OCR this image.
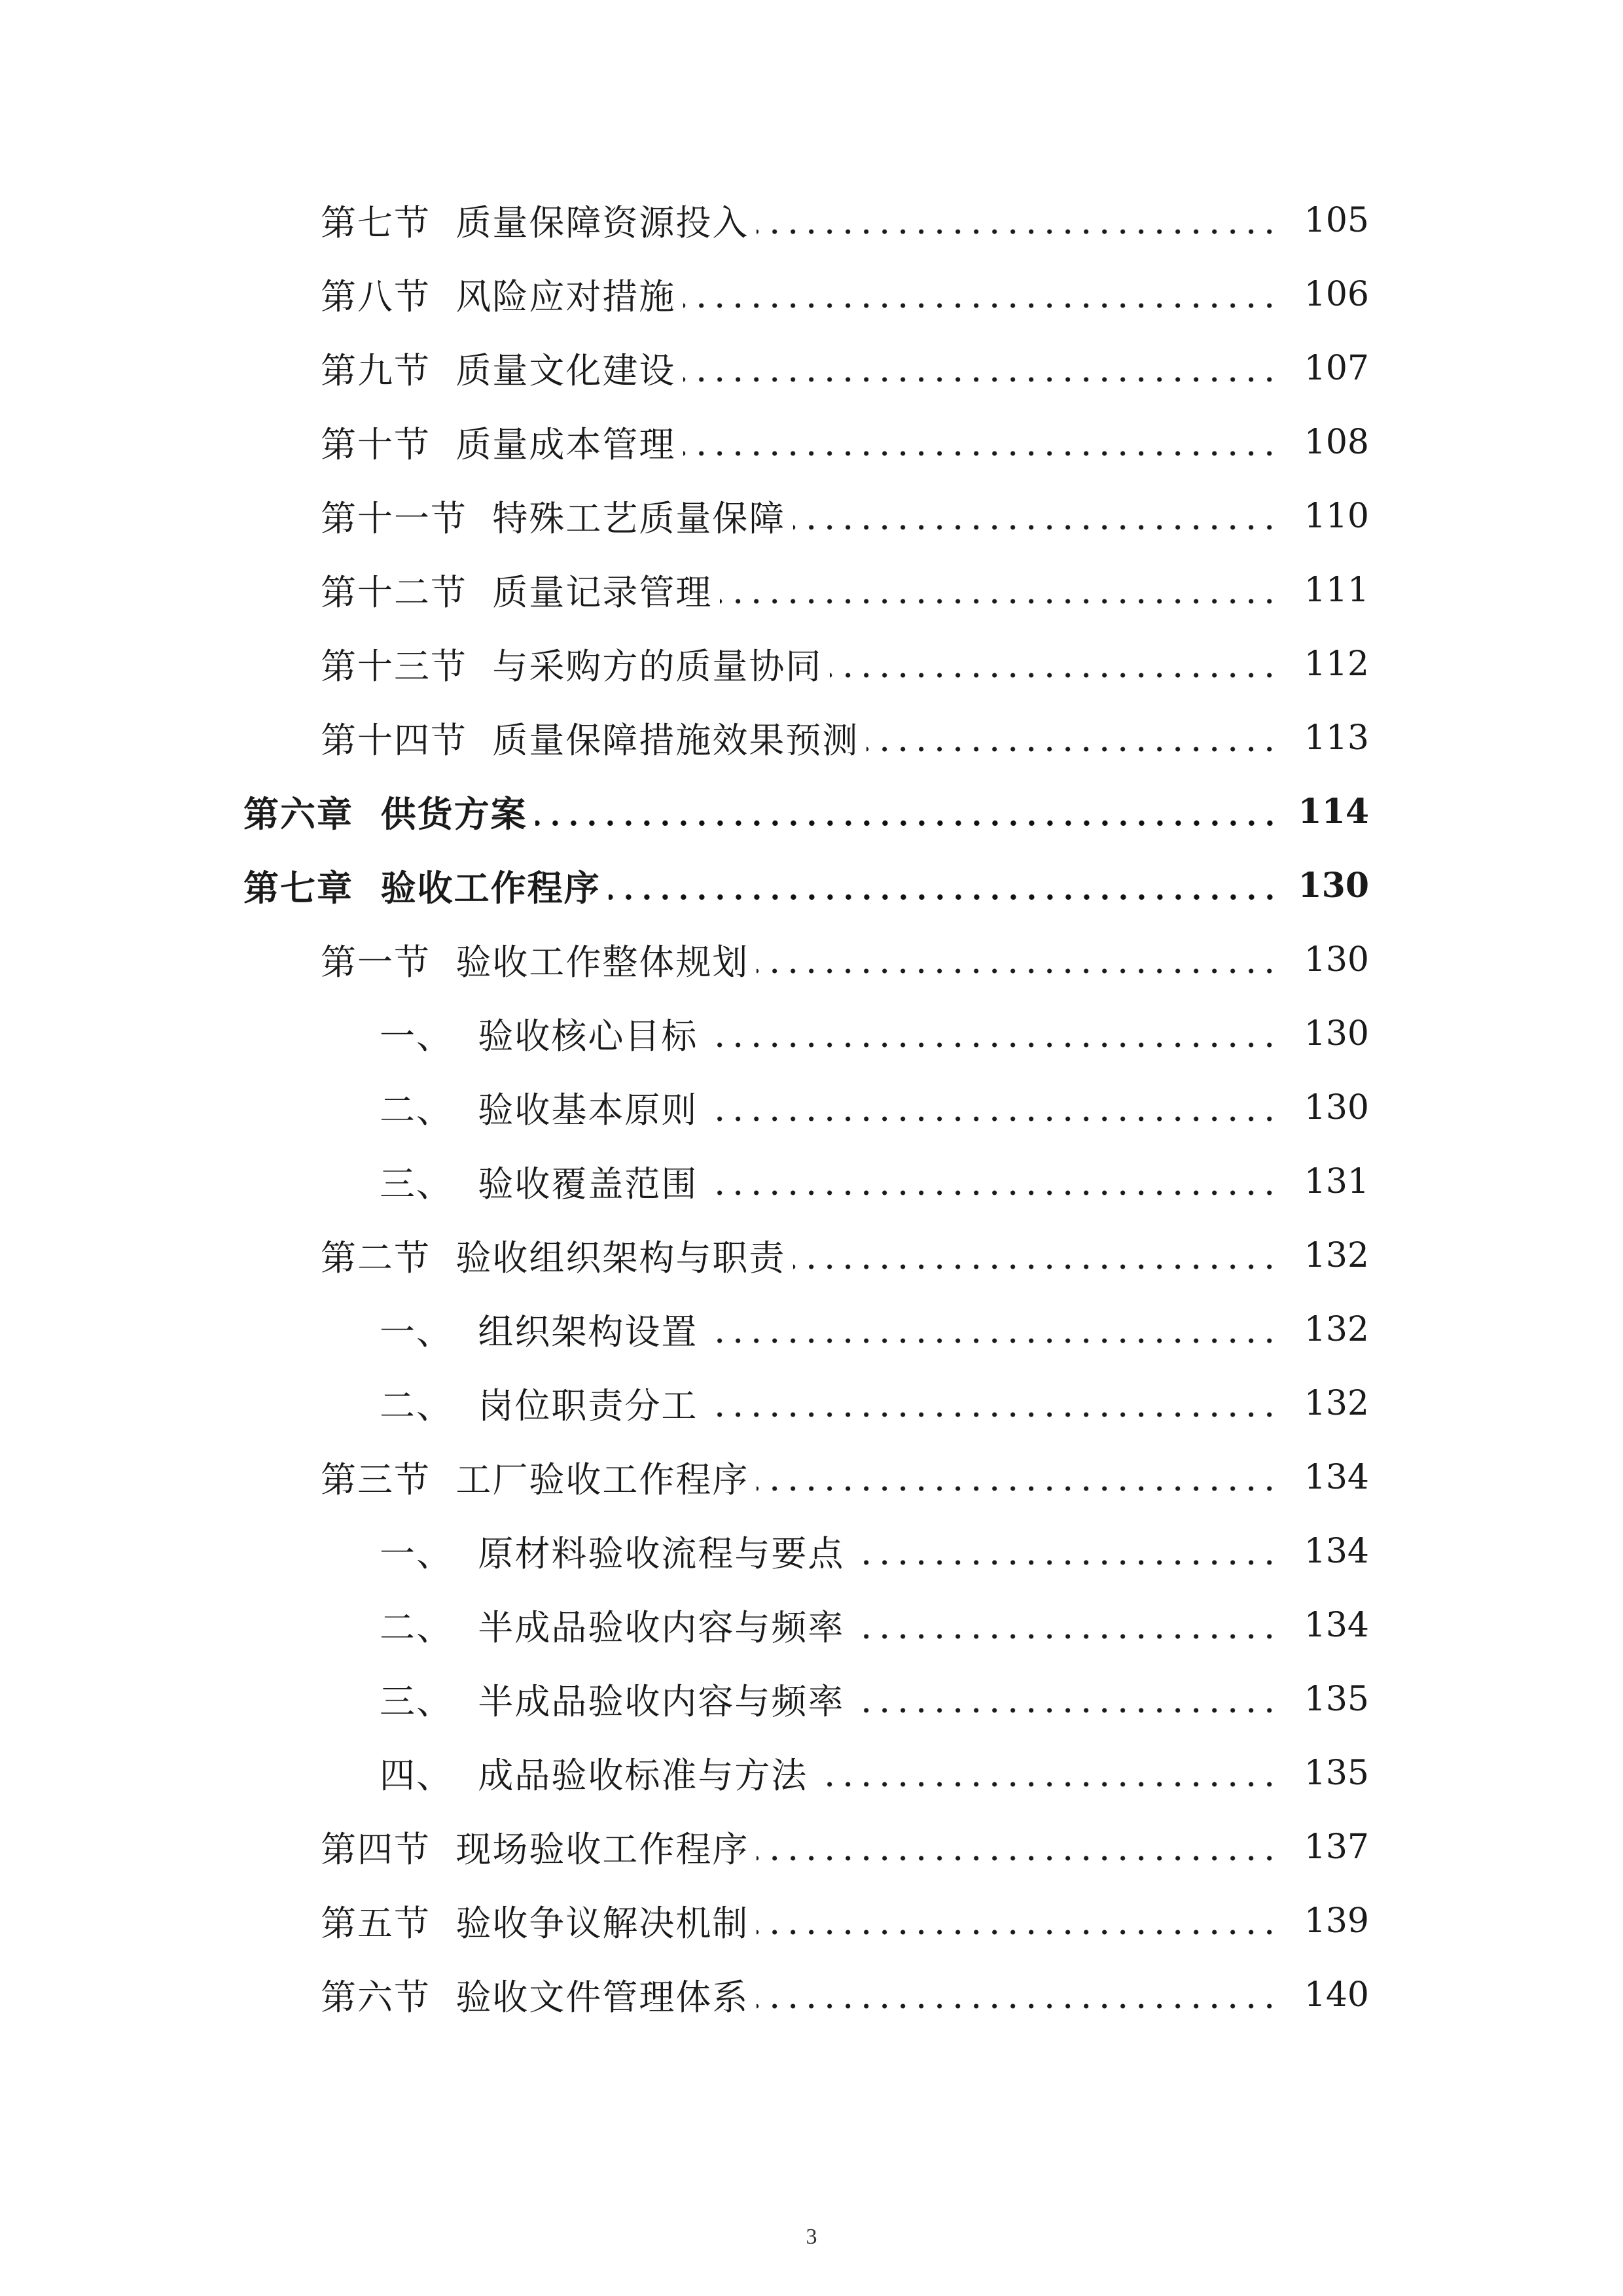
第七节  质量保障资源投入	105
第八节  风险应对措施	106
第九节  质量文化建设	107
第十节  质量成本管理	108
第十一节  特殊工艺质量保障	110
第十二节  质量记录管理	111
第十三节  与采购方的质量协同	112
第十四节  质量保障措施效果预测	113
第六章  供货方案	114
第七章  验收工作程序	130
第一节  验收工作整体规划	130
一、  验收核心目标	130
二、  验收基本原则	130
三、  验收覆盖范围	131
第二节  验收组织架构与职责	132
一、  组织架构设置	132
二、  岗位职责分工	132
第三节  工厂验收工作程序	134
一、  原材料验收流程与要点	134
二、  半成品验收内容与频率	134
三、  半成品验收内容与频率	135
四、  成品验收标准与方法	135
第四节  现场验收工作程序	137
第五节  验收争议解决机制	139
第六节  验收文件管理体系	140
3
